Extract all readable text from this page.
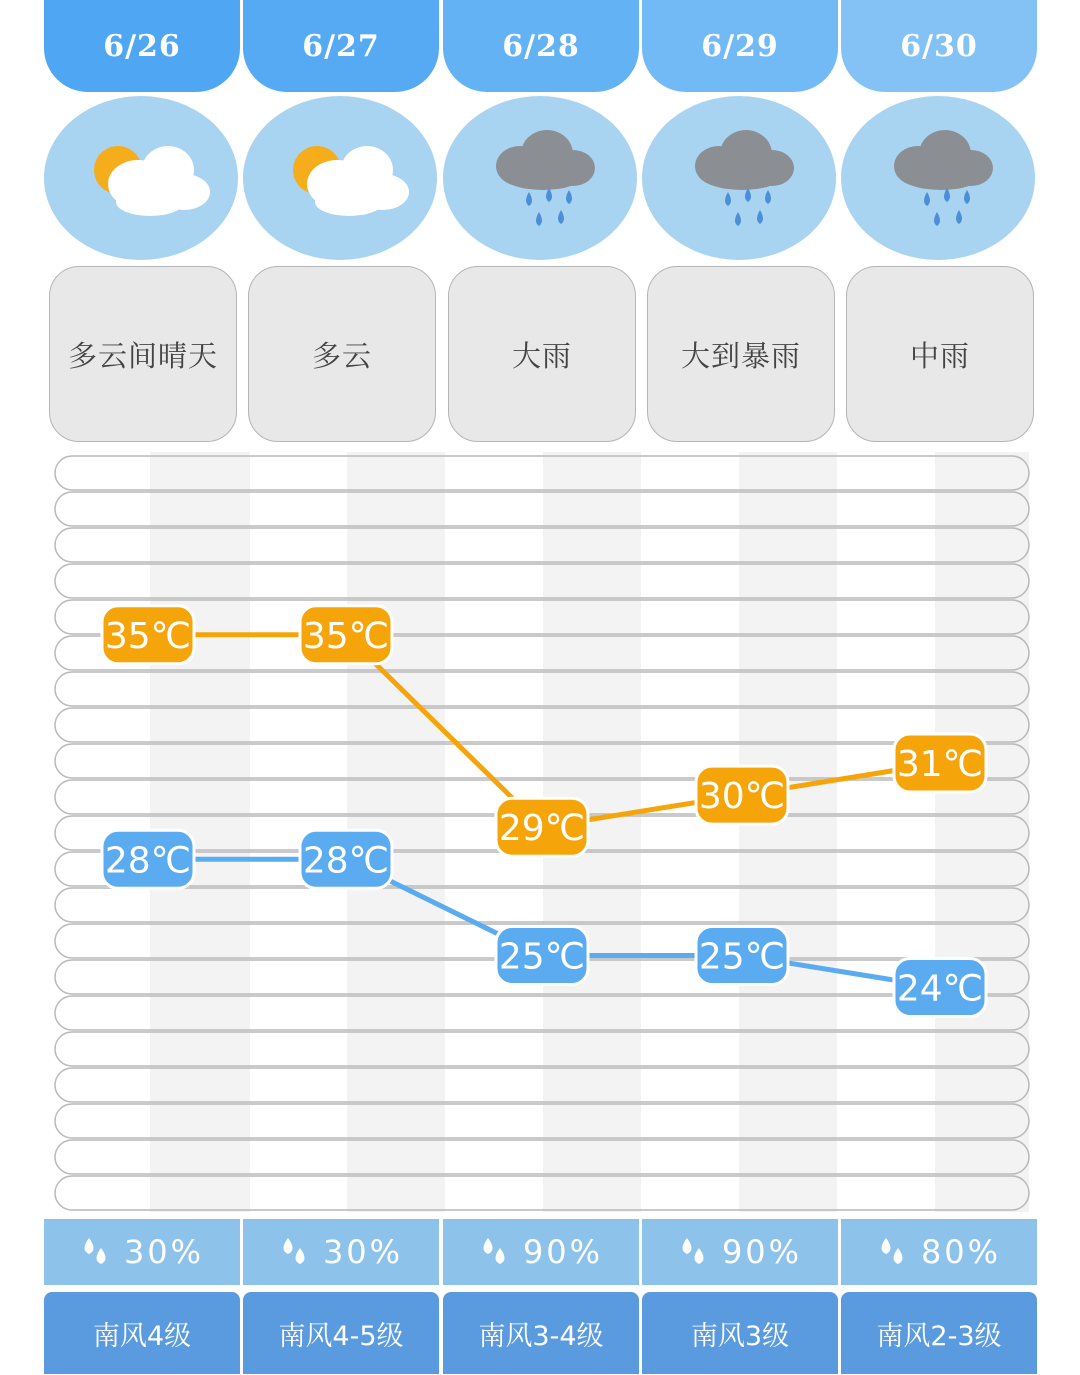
6/26
多云间晴天
30%
南风4级
6/27
多云
30%
南风4-5级
6/28
大雨
90%
南风3-4级
6/29
大到暴雨
90%
南风3级
6/30
中雨
80%
南风2-3级
35℃	35℃
29℃
30℃
31℃
28℃	28℃
25℃	25℃
24℃
